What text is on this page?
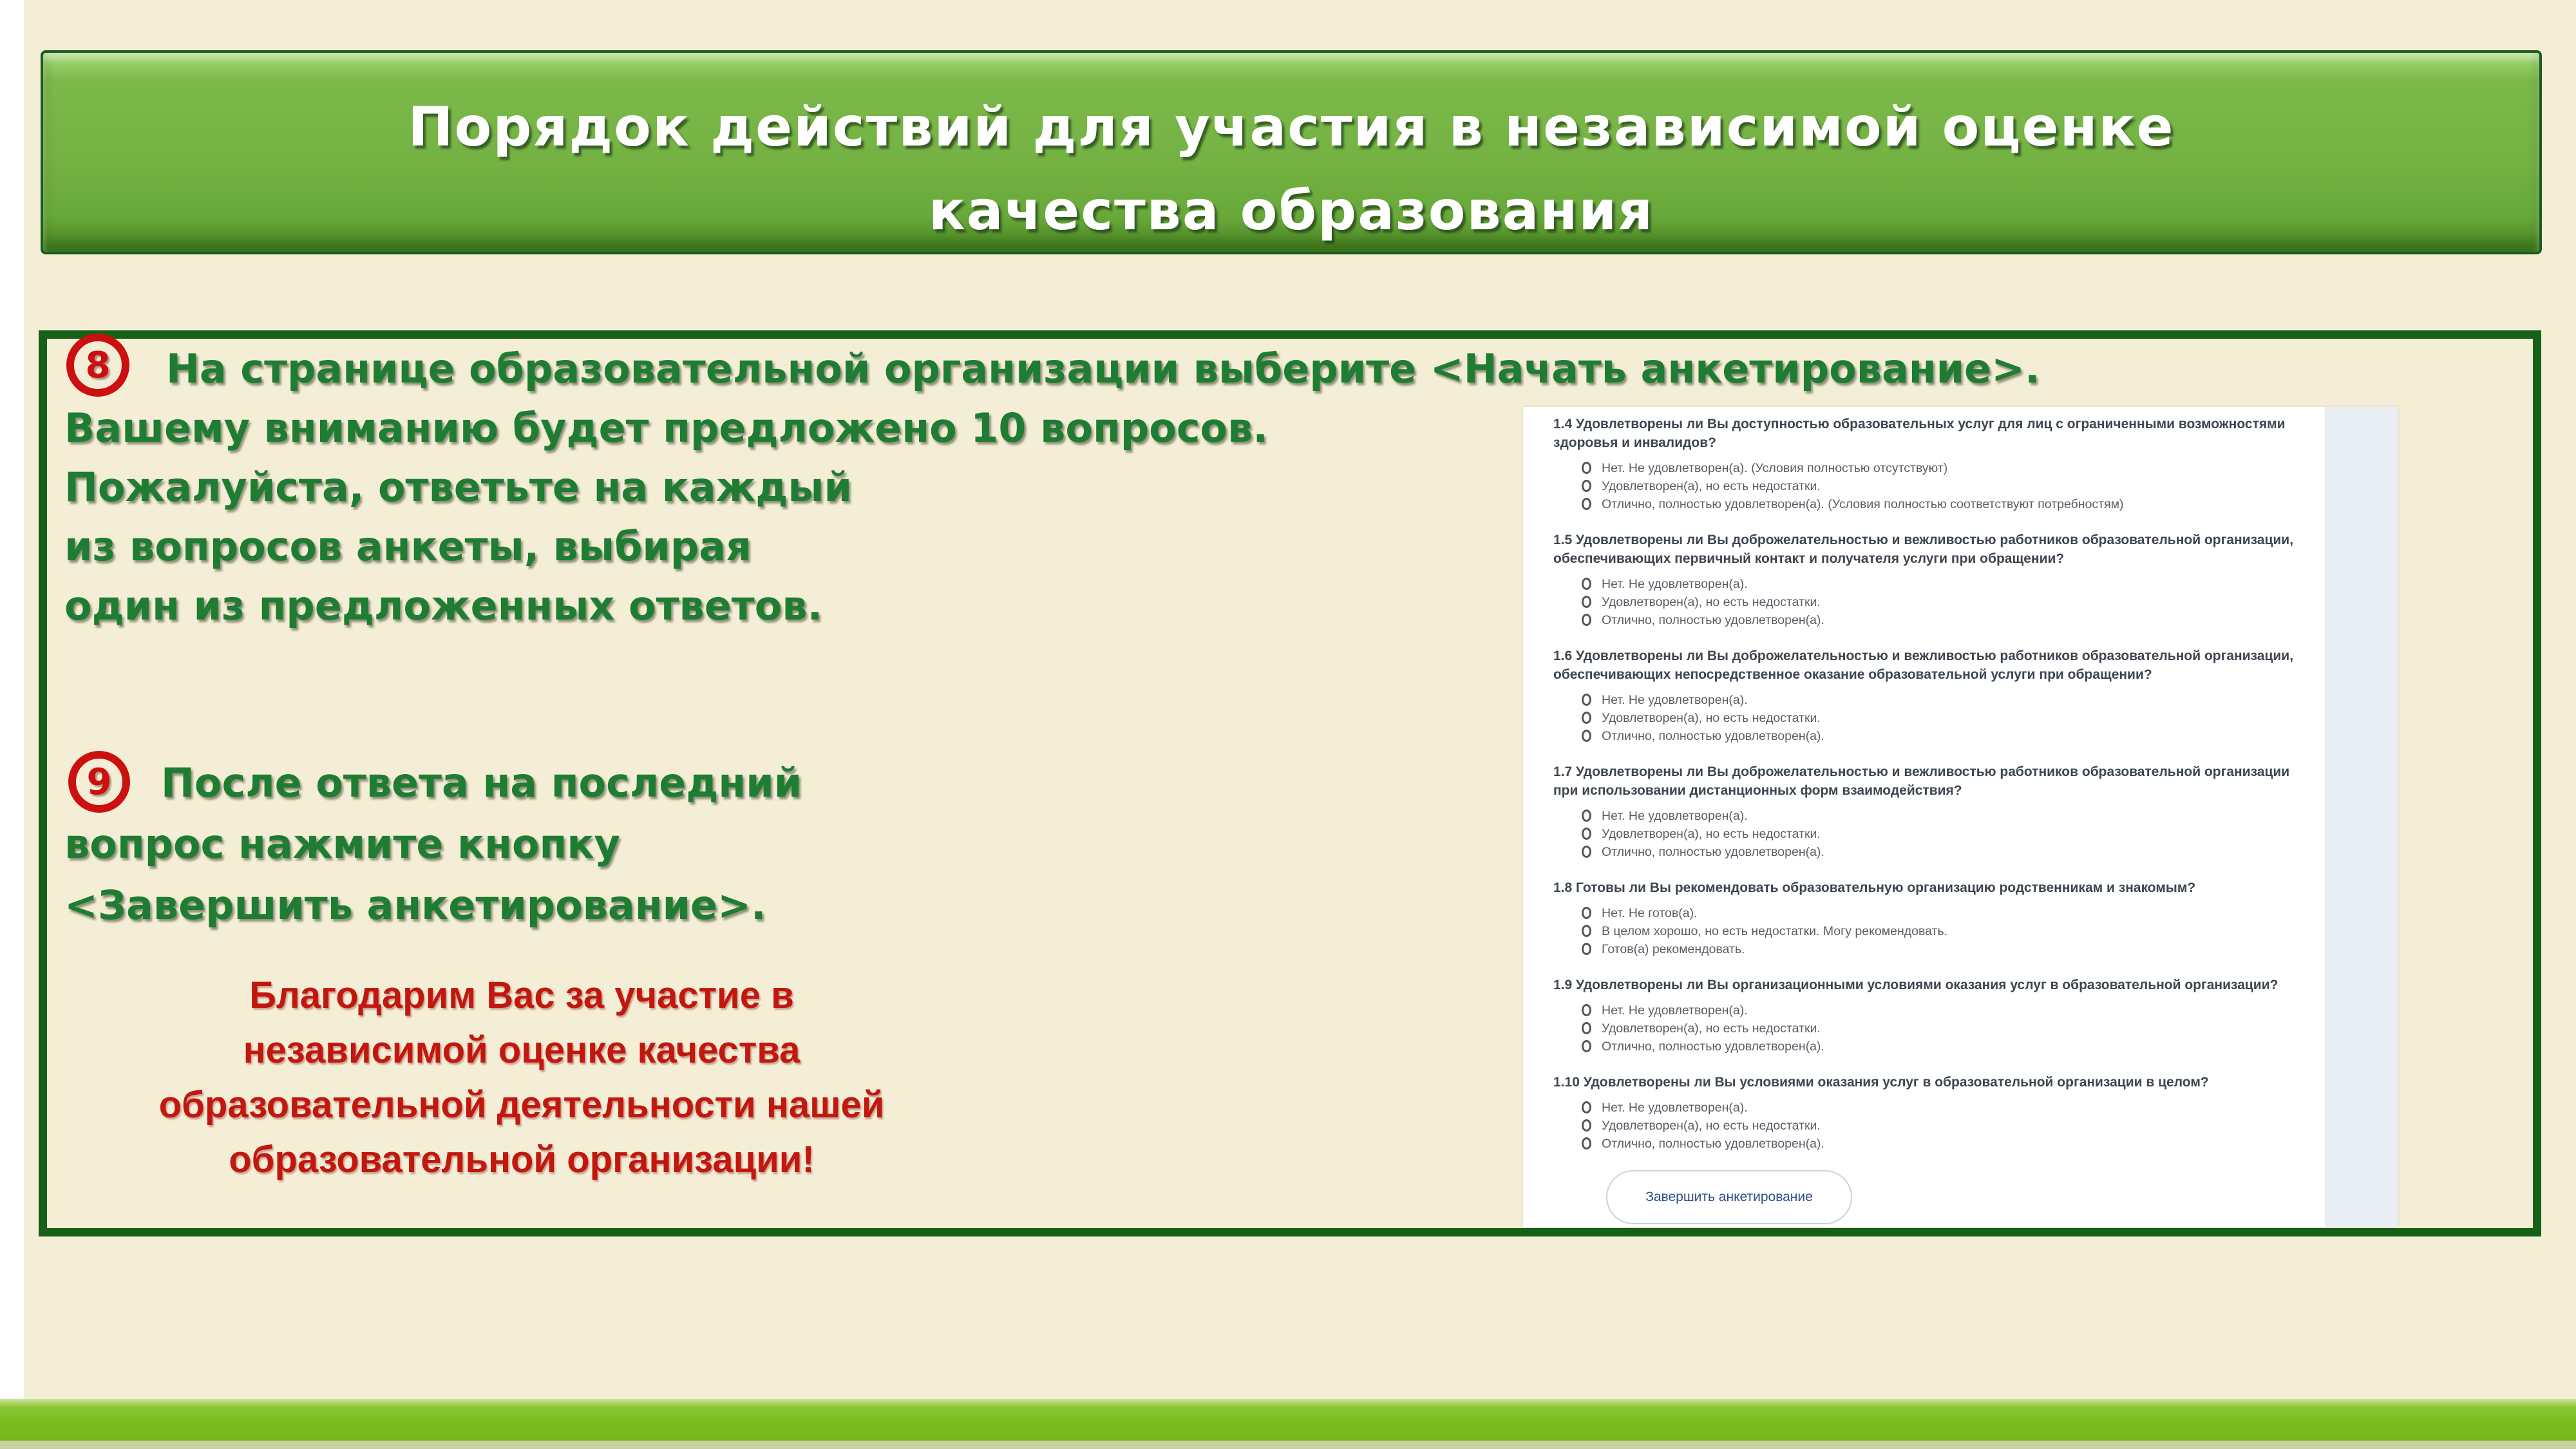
Порядок действий для участия в независимой оценке
качества образования
8	На странице образовательной организации выберите <Начать анкетирование>.
Вашему вниманию будет предложено 10 вопросов.
Пожалуйста, ответьте на каждый
из вопросов анкеты, выбирая
один из предложенных ответов.
9	После ответа на последний
вопрос нажмите кнопку
<Завершить анкетирование>.
Благодарим Вас за участие в
независимой оценке качества
образовательной деятельности нашей
образовательной организации!
1.4 Удовлетворены ли Вы доступностью образовательных услуг для лиц с ограниченными возможностями здоровья и инвалидов?
Нет. Не удовлетворен(а). (Условия полностью отсутствуют)
Удовлетворен(а), но есть недостатки.
Отлично, полностью удовлетворен(а). (Условия полностью соответствуют потребностям)
1.5 Удовлетворены ли Вы доброжелательностью и вежливостью работников образовательной организации, обеспечивающих первичный контакт и получателя услуги при обращении?
Нет. Не удовлетворен(а).
Удовлетворен(а), но есть недостатки.
Отлично, полностью удовлетворен(а).
1.6 Удовлетворены ли Вы доброжелательностью и вежливостью работников образовательной организации, обеспечивающих непосредственное оказание образовательной услуги при обращении?
Нет. Не удовлетворен(а).
Удовлетворен(а), но есть недостатки.
Отлично, полностью удовлетворен(а).
1.7 Удовлетворены ли Вы доброжелательностью и вежливостью работников образовательной организации при использовании дистанционных форм взаимодействия?
Нет. Не удовлетворен(а).
Удовлетворен(а), но есть недостатки.
Отлично, полностью удовлетворен(а).
1.8 Готовы ли Вы рекомендовать образовательную организацию родственникам и знакомым?
Нет. Не готов(а).
В целом хорошо, но есть недостатки. Могу рекомендовать.
Готов(а) рекомендовать.
1.9 Удовлетворены ли Вы организационными условиями оказания услуг в образовательной организации?
Нет. Не удовлетворен(а).
Удовлетворен(а), но есть недостатки.
Отлично, полностью удовлетворен(а).
1.10 Удовлетворены ли Вы условиями оказания услуг в образовательной организации в целом?
Нет. Не удовлетворен(а).
Удовлетворен(а), но есть недостатки.
Отлично, полностью удовлетворен(а).
Завершить анкетирование
